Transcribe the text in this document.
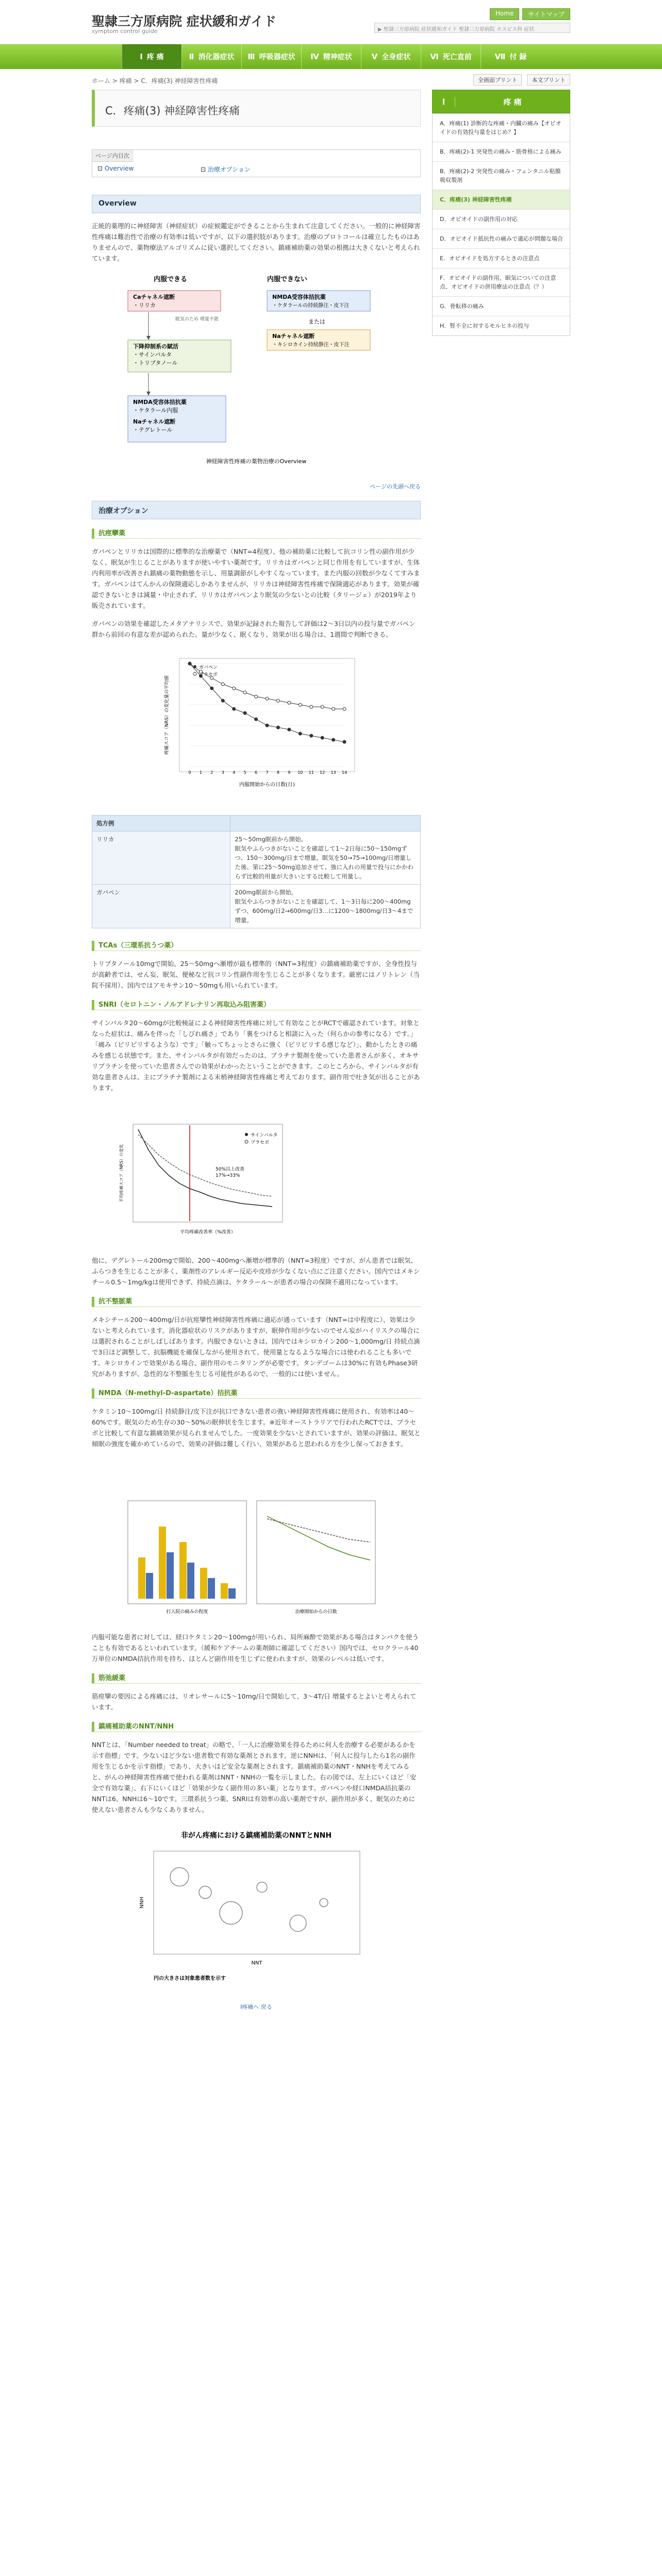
聖隷三方原病院 症状緩和ガイド
symptom control guide
Home	サイトマップ
▶ 聖隷三方原病院 症状緩和ガイド 聖隷三方原病院 ホスピス科 症状
Ⅰ 疼 痛	Ⅱ 消化器症状 Ⅲ 呼吸器症状 Ⅳ 精神症状	Ⅴ 全身症状	Ⅵ 死亡直前	Ⅶ 付 録
ホーム > 疼痛 > C．疼痛(3) 神経障害性疼痛	全画面プリント	本文プリント
C．疼痛(3) 神経障害性疼痛
ページ内目次
⊡ Overview	⊡ 治療オプション
Overview
正統的薬理的に神経障害（神経症状）の症候鑑定ができることから生まれて注意してください。一般的に神経障害性疼痛は難治性で治療の有効率は低いですが、以下の選択肢があります。治療のプロトコールは確立したものはありませんので、薬物療法アルゴリズムに従い選択してください。鎮痛補助薬の効果の根拠は大きくないと考えられています。
内服できる	内服できない
Caチャネル遮断
・リリカ
眠気のため 増量不能
下降抑制系の賦活
・サインバルタ
・トリプタノール
NMDA受容体拮抗薬
・ケタラールの持続静注・皮下注
または
Naチャネル遮断
・キシロカイン持続静注・皮下注
NMDA受容体拮抗薬
・ケタラール内服
Naチャネル遮断
・テグレトール
神経障害性疼痛の薬物治療のOverview
ページの先頭へ戻る
治療オプション
抗痙攣薬
ガバペンとリリカは国際的に標準的な治療薬で（NNT=4程度）、他の補助薬に比較して抗コリン性の副作用が少なく、眠気が生じることがありますが使いやすい薬剤です。リリカはガバペンと同じ作用を有していますが、生体内利用率が改善され鎮痛の薬物動態を示し、用量調節がしやすくなっています。また内服の回数が少なくてすみます。ガバペンはてんかんの保険適応しかありませんが、リリカは神経障害性疼痛で保険適応があります。効果が確認できないときは減量・中止されず、リリカはガバペンより眠気の少ないとの比較（タリージェ）が2019年より販売されています。
ガバペンの効果を確認したメタアナリシスで、効果が記録された報告して評価は2～3日以内の投与量でガバペン群から前回の有意な差が認められた。量が少なく、眠くなり、効果が出る場合は、1週間で判断できる。
0 1 2 3 4 5 6 7 8 9 10 11 12 13 14
疼痛スコア（NRS）の変化量の平均値
内服開始からの日数(日)
ガバペン
プラセボ
処方例	
リリカ	25～50mg眠前から開始。
眠気やふらつきがないことを確認して1～2日毎に50～150mgずつ、150～300mg/日まで増量。眠気を50→75→100mg/日増量した後、第に25～50mg追加させて、強に入れの用量で投与にかかわらず比較的用量が大きいとする比較して用量し。
ガバペン	200mg眠前から開始。
眠気やふらつきがないことを確認して、1～3日毎に200～400mgずつ、600mg/日2→600mg/日3…に1200～1800mg/日3～4まで増量。
TCAs（三環系抗うつ薬）
トリプタノール10mgで開始。25～50mgへ漸増が最も標準的（NNT=3程度）の鎮痛補助薬ですが、全身性投与が高齢者では、せん妄、眠気、便秘など抗コリン性副作用を生じることが多くなります。厳密にはノリトレン（当院不採用）、国内ではアモキサン10～50mgも用いられています。
SNRI（セロトニン・ノルアドレナリン再取込み阻害薬）
サインバルタ20～60mgが比較検証による神経障害性疼痛に対して有効なことがRCTで確認されています。対象となった症状は、痛みを伴った「しびれ痛さ」であり「裏をつけると相談に入った（何らかの参考になる）です。」「痛み（ビリビリするような）です」「触ってちょっとさらに強く（ピリピリする感じなど）」、動かしたときの痛みを感じる状態です。また、サインバルタが有効だったのは、プラチナ製剤を使っていた患者さんが多く、オキサリプラチンを使っていた患者さんでの効果がわかったということができます。このところから、サインバルタが有効な患者さんは、主にプラチナ製剤による末梢神経障害性疼痛と考えております。副作用で吐き気が出ることがあります。
50%以上改善
17%→33%
サインバルタ
プラセボ
平均疼痛スコア（NRS）の変化
平均疼痛改善率（%改善）
他に、デグレトール200mgで開始、200～400mgへ漸増が標準的（NNT=3程度）ですが、がん患者では眠気、ふらつきを生じることが多く、薬剤性のアレルギー反応や皮疹が少なくない点にご注意ください。国内ではメキシチール0.5～1mg/kgは使用できず、持続点滴は、ケタラール〜が患者の場合の保険不適用になっています。
抗不整脈薬
メキシチール200～400mg/日が抗痙攣性神経障害性疼痛に適応が通っています（NNT=は中程度に）、効果は少ないと考えられています。消化器症状のリスクがありますが、眠伸作用が少ないのでせん妄がハイリスクの場合には選択されることがしばしばあります。内服できないときは、国内ではキシロカイン200～1,000mg/日 持続点滴で3日ほど調整して、抗脳機能を確保しながら使用されて、使用量となるような場合には使われることも多いです。キシロカインで効果がある場合、副作用のモニタリングが必要です。タンデゴームは30%に有効もPhase3研究がありますが、急性的な不整脈を生じる可能性があるので、一般的には使いません。
NMDA（N-methyl-D-aspartate）拮抗薬
ケタミン10～100mg/日 持続静注/皮下注が抗口できない患者の強い神経障害性疼痛に使用され、有効率は40～60%です。眠気のため生存の30～50%の眠伸状を生じます。※近年オーストラリアで行われたRCTでは、プラセボと比較して有意な鎮痛効果が見られませんでした。一度効果を少ないとされていますが、効果の評価は、眠気と傾眠の強度を確かめているので、効果の評価は難しく行い、効果があると思われる方を少し保っておきます。
打入院の痛みの程度	治療開始からの日数
内服可能な患者に対しては、経口ケタミン20～100mgが用いられ、局所麻酔で効果がある場合はタンパクを使うことも有効であるといわれています。（緩和ケアチームの薬剤師に確認してください）国内では、セロクラール40万単位のNMDA拮抗作用を持ち、ほとんど副作用を生じずに使われますが、効果のレベルは低いです。
筋弛緩薬
筋痙攣の要因による疼痛には、リオレサールに5～10mg/日で開始して、3～4T/日 増量するとよいと考えられています。
鎮痛補助薬のNNT/NNH
NNTとは、「Number needed to treat」の略で、「一人に治療効果を得るために何人を治療する必要があるかを示す指標」です。少ないほど少ない患者数で有効な薬剤とされます。逆にNNHは、「何人に投与したら1名の副作用を生じるかを示す指標」であり、大きいほど安全な薬剤とされます。鎮痛補助薬のNNT・NNHを考えてみると、がんの神経障害性疼痛で使われる薬剤はNNT・NNHの一覧を示しました。右の図では、左上にいくほど「安全で有効な薬」、右下にいくほど「効果が少なく副作用の多い薬」となります。ガバペンや経口NMDA拮抗薬のNNTは6、NNHは6～10です。三環系抗うつ薬、SNRIは有効率の高い薬剤ですが、副作用が多く、眠気のために使えない患者さんも少なくありません。
非がん疼痛における鎮痛補助薬のNNTとNNH
NNT
NNH
円の大きさは対象患者数を示す
Ⅰ疼痛へ 戻る
Ⅰ	疼 痛
A．疼痛(1) 診断的な疼痛・内臓の痛み【オピオイドの有効投与量をはじめ？】
B．疼痛(2)-1 突発性の痛み・筋骨格による痛み
B．疼痛(2)-2 突発性の痛み・フェンタニル粘膜吸収製剤
C．疼痛(3) 神経障害性疼痛
D．オピオイドの副作用の対応
D．オピオイド抵抗性の痛みで適応が問題な場合
E．オピオイドを処方するときの注意点
F．オピオイドの副作用、眠気についての注意点、オピオイドの併用療法の注意点（？）
G．骨転移の痛み
H．腎不全に対するモルヒネの投与
